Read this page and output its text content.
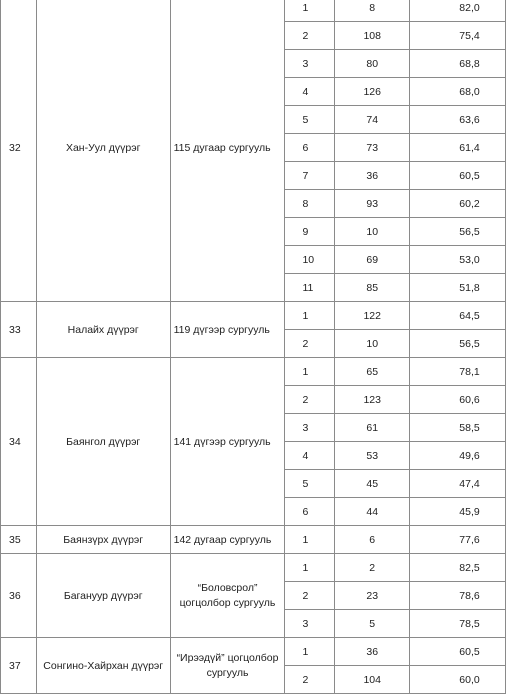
32	Хан-Уул дүүрэг	115 дугаар сургууль	1	8	82,0
			2	108	75,4
			3	80	68,8
			4	126	68,0
			5	74	63,6
			6	73	61,4
			7	36	60,5
			8	93	60,2
			9	10	56,5
			10	69	53,0
			11	85	51,8
33	Налайх дүүрэг	119 дүгээр сургууль	1	122	64,5
			2	10	56,5
34	Баянгол дүүрэг	141 дүгээр сургууль	1	65	78,1
			2	123	60,6
			3	61	58,5
			4	53	49,6
			5	45	47,4
			6	44	45,9
35	Баянзүрх дүүрэг	142 дугаар сургууль	1	6	77,6
36	Багануур дүүрэг	“Боловсрол” цогцолбор сургууль	1	2	82,5
			2	23	78,6
			3	5	78,5
37	Сонгино-Хайрхан дүүрэг	“Ирээдүй” цогцолбор сургууль	1	36	60,5
			2	104	60,0
